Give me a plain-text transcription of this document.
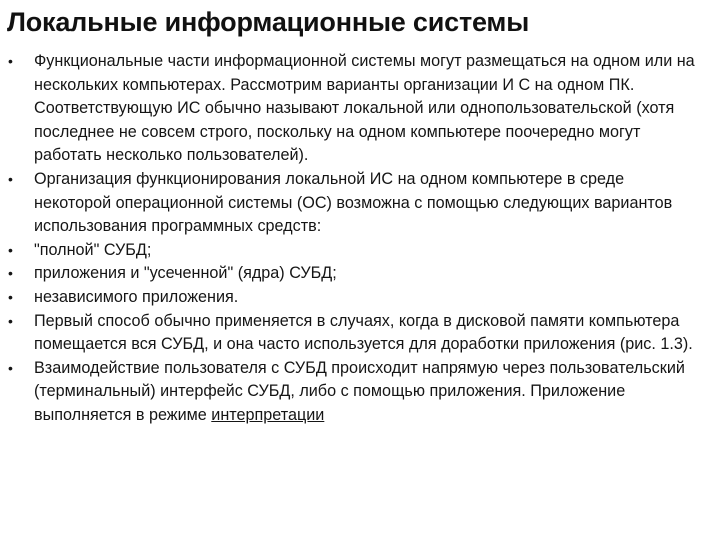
Локальные информационные системы
• Функциональные части информационной системы могут размещаться на одном или на нескольких компьютерах. Рассмотрим варианты организации И С на одном ПК. Соответствующую ИС обычно называют локальной или однопользовательской (хотя последнее не совсем строго, поскольку на одном компьютере поочередно могут работать несколько пользователей).
• Организация функционирования локальной ИС на одном компьютере в среде некоторой операционной системы (ОС) возможна с помощью следующих вариантов использования программных средств:
• "полной" СУБД;
• приложения и "усеченной" (ядра) СУБД;
• независимого приложения.
• Первый способ обычно применяется в случаях, когда в дисковой памяти компьютера помещается вся СУБД, и она часто используется для доработки приложения (рис. 1.3).
• Взаимодействие пользователя с СУБД происходит напрямую через пользовательский (терминальный) интерфейс СУБД, либо с помощью приложения. Приложение выполняется в режиме интерпретации
